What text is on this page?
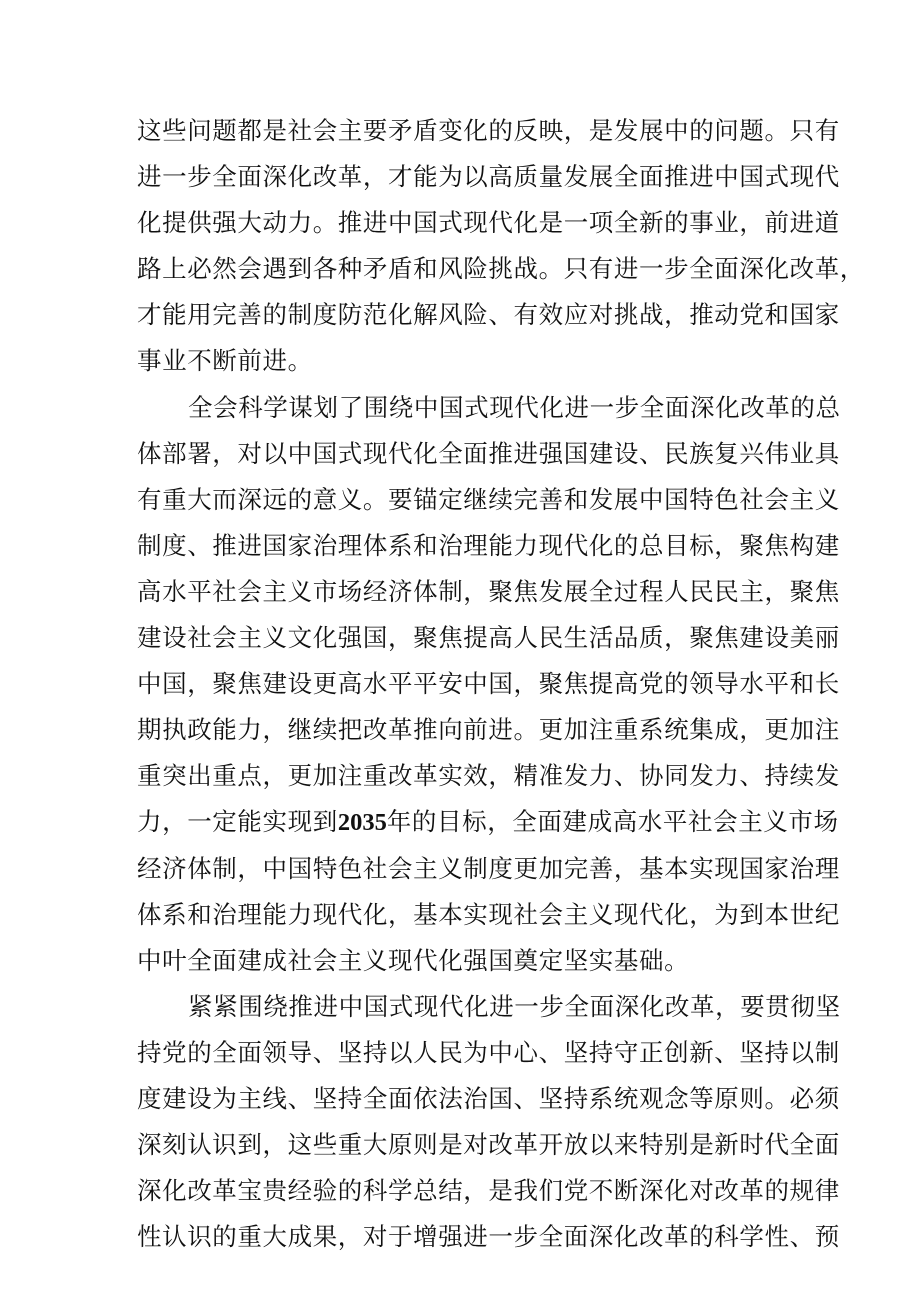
这些问题都是社会主要矛盾变化的反映，是发展中的问题。只有
进一步全面深化改革，才能为以高质量发展全面推进中国式现代
化提供强大动力。推进中国式现代化是一项全新的事业，前进道
路上必然会遇到各种矛盾和风险挑战。只有进一步全面深化改革，
才能用完善的制度防范化解风险、有效应对挑战，推动党和国家
事业不断前进。
全会科学谋划了围绕中国式现代化进一步全面深化改革的总
体部署，对以中国式现代化全面推进强国建设、民族复兴伟业具
有重大而深远的意义。要锚定继续完善和发展中国特色社会主义
制度、推进国家治理体系和治理能力现代化的总目标，聚焦构建
高水平社会主义市场经济体制，聚焦发展全过程人民民主，聚焦
建设社会主义文化强国，聚焦提高人民生活品质，聚焦建设美丽
中国，聚焦建设更高水平平安中国，聚焦提高党的领导水平和长
期执政能力，继续把改革推向前进。更加注重系统集成，更加注
重突出重点，更加注重改革实效，精准发力、协同发力、持续发
力，一定能实现到2035年的目标，全面建成高水平社会主义市场
经济体制，中国特色社会主义制度更加完善，基本实现国家治理
体系和治理能力现代化，基本实现社会主义现代化，为到本世纪
中叶全面建成社会主义现代化强国奠定坚实基础。
紧紧围绕推进中国式现代化进一步全面深化改革，要贯彻坚
持党的全面领导、坚持以人民为中心、坚持守正创新、坚持以制
度建设为主线、坚持全面依法治国、坚持系统观念等原则。必须
深刻认识到，这些重大原则是对改革开放以来特别是新时代全面
深化改革宝贵经验的科学总结，是我们党不断深化对改革的规律
性认识的重大成果，对于增强进一步全面深化改革的科学性、预
